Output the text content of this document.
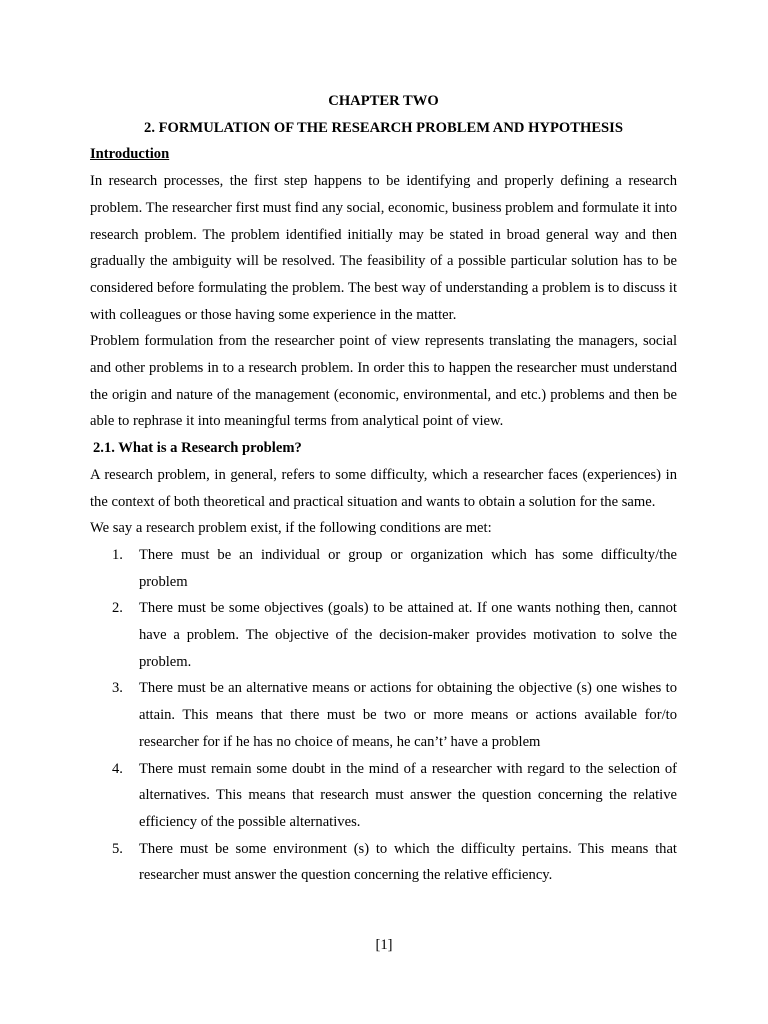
CHAPTER TWO
2. FORMULATION OF THE RESEARCH PROBLEM AND HYPOTHESIS
Introduction

In research processes, the first step happens to be identifying and properly defining a research problem. The researcher first must find any social, economic, business problem and formulate it into research problem. The problem identified initially may be stated in broad general way and then gradually the ambiguity will be resolved. The feasibility of a possible particular solution has to be considered before formulating the problem. The best way of understanding a problem is to discuss it with colleagues or those having some experience in the matter.

Problem formulation from the researcher point of view represents translating the managers, social and other problems in to a research problem. In order this to happen the researcher must understand the origin and nature of the management (economic, environmental, and etc.) problems and then be able to rephrase it into meaningful terms from analytical point of view.

2.1. What is a Research problem?

A research problem, in general, refers to some difficulty, which a researcher faces (experiences) in the context of both theoretical and practical situation and wants to obtain a solution for the same.

We say a research problem exist, if the following conditions are met:

1. There must be an individual or group or organization which has some difficulty/the problem
2. There must be some objectives (goals) to be attained at. If one wants nothing then, cannot have a problem. The objective of the decision-maker provides motivation to solve the problem.
3. There must be an alternative means or actions for obtaining the objective (s) one wishes to attain. This means that there must be two or more means or actions available for/to researcher for if he has no choice of means, he can’t’ have a problem
4. There must remain some doubt in the mind of a researcher with regard to the selection of alternatives. This means that research must answer the question concerning the relative efficiency of the possible alternatives.
5. There must be some environment (s) to which the difficulty pertains. This means that researcher must answer the question concerning the relative efficiency.
[1]
